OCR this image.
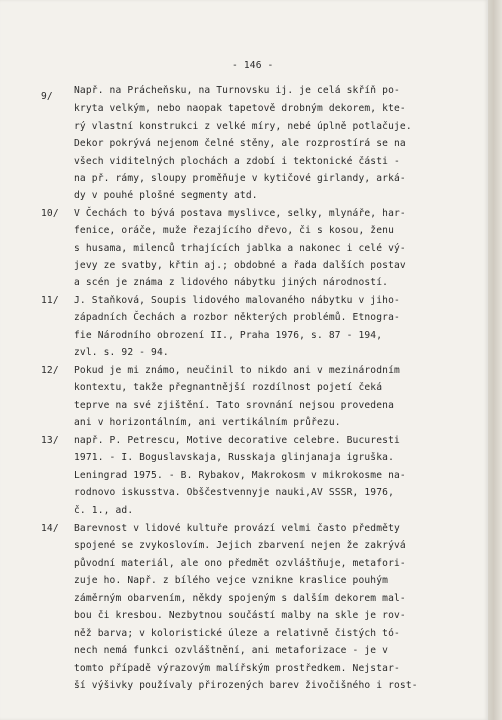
- 146 -
9/
Např. na Prácheňsku, na Turnovsku ij. je celá skříň po-
kryta velkým, nebo naopak tapetově drobným dekorem, kte-
rý vlastní konstrukci z velké míry, nebé úplně potlačuje.
Dekor pokrývá nejenom čelné stěny, ale rozprostírá se na
všech viditelných plochách a zdobí i tektonické části -
na př. rámy, sloupy proměňuje v kytičové girlandy, arká-
dy v pouhé plošné segmenty atd.
10/ V Čechách to bývá postava myslivce, selky, mlynáře, har-
fenice, oráče, muže řezajícího dřevo, či s kosou, ženu
s husama, milenců trhajících jablka a nakonec i celé vý-
jevy ze svatby, křtin aj.; obdobné a řada dalších postav
a scén je známa z lidového nábytku jiných národností.
11/ J. Staňková, Soupis lidového malovaného nábytku v jiho-
západních Čechách a rozbor některých problémů. Etnogra-
fie Národního obrození II., Praha 1976, s. 87 - 194,
zvl. s. 92 - 94.
12/ Pokud je mi známo, neučinil to nikdo ani v mezinárodním
kontextu, takže přegnantnější rozdílnost pojetí čeká
teprve na své zjištění. Tato srovnání nejsou provedena
ani v horizontálním, ani vertikálním průřezu.
13/ např. P. Petrescu, Motive decorative celebre. Bucuresti
1971. - I. Boguslavskaja, Russkaja glinjanaja igruška.
Leningrad 1975. - B. Rybakov, Makrokosm v mikrokosme na-
rodnovo iskusstva. Obščestvennyje nauki,AV SSSR, 1976,
č. 1., ad.
14/ Barevnost v lidové kultuře provází velmi často předměty
spojené se zvykoslovím. Jejich zbarvení nejen že zakrývá
původní materiál, ale ono předmět ozvláštňuje, metafori-
zuje ho. Např. z bílého vejce vznikne kraslice pouhým
záměrným obarvením, někdy spojeným s dalším dekorem mal-
bou či kresbou. Nezbytnou součástí malby na skle je rov-
něž barva; v koloristické úleze a relativně čistých tó-
nech nemá funkci ozvláštnění, ani metaforizace - je v
tomto případě výrazovým malířským prostředkem. Nejstar-
ší výšivky používaly přirozených barev živočišného i rost-
